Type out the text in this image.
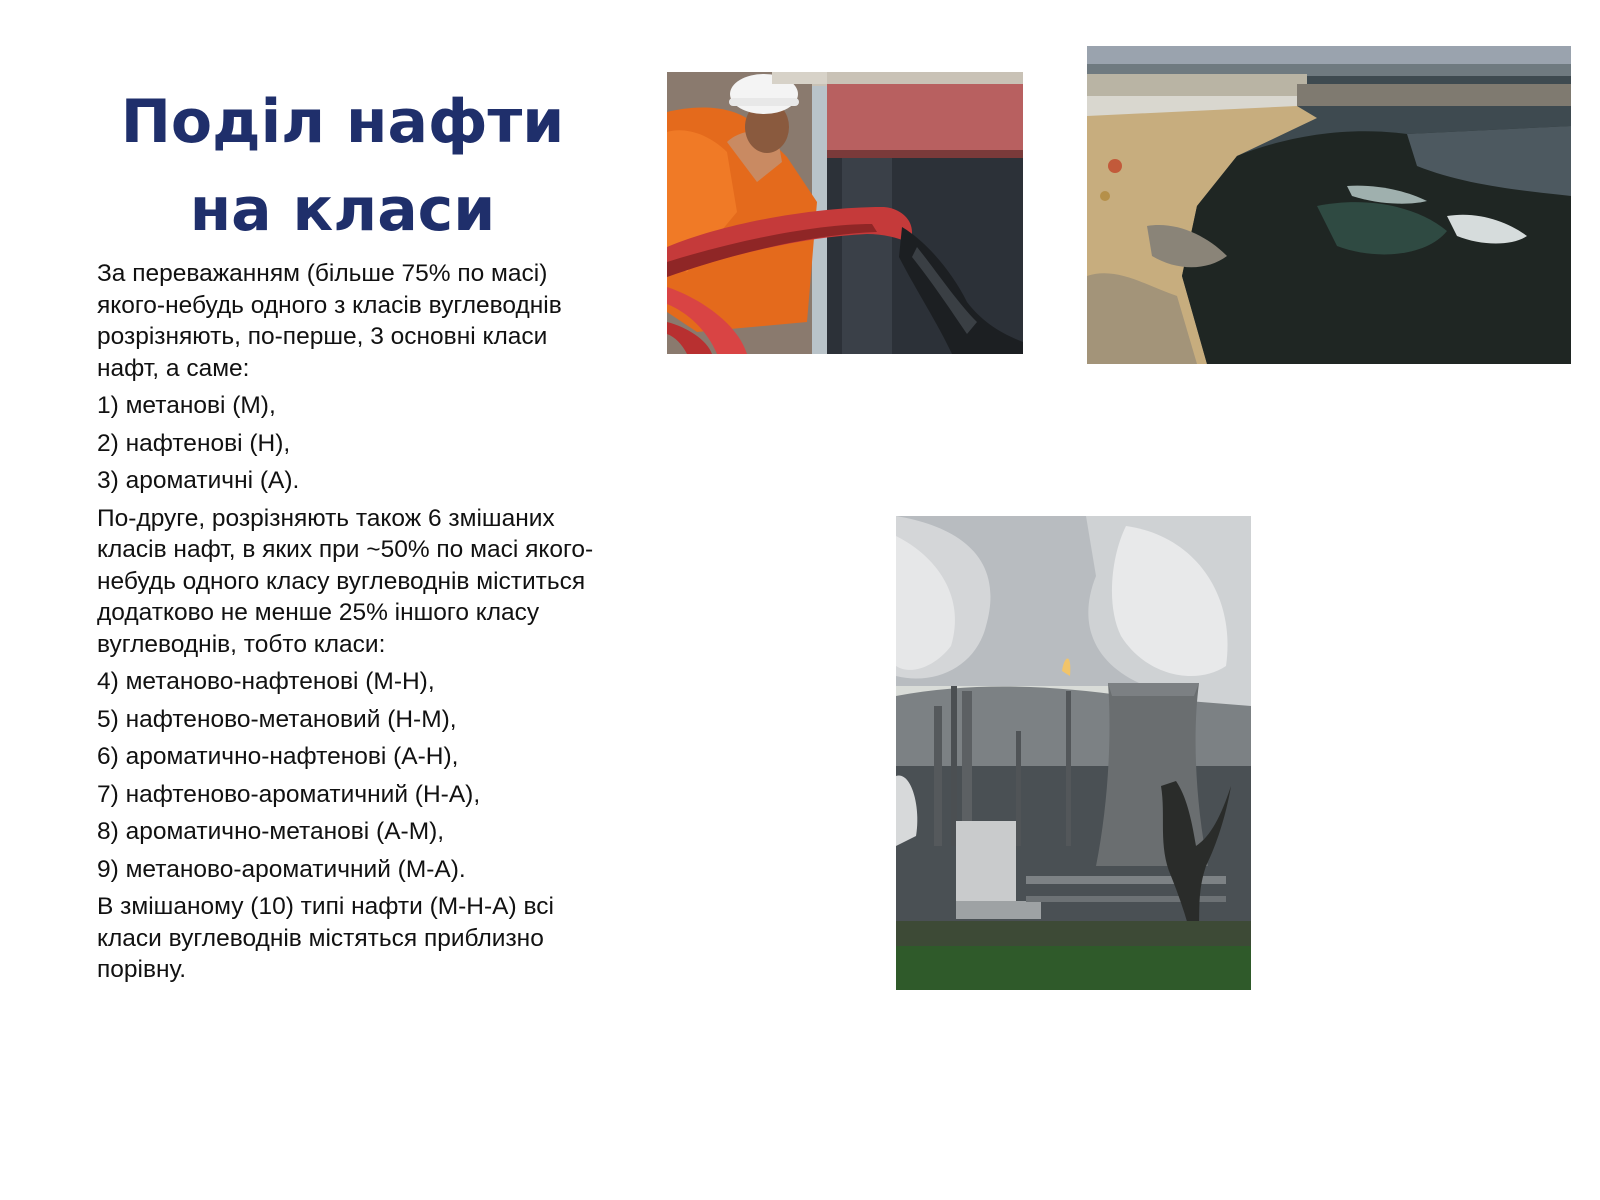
Поділ нафти на класи

За переважанням (більше 75% по масі) якого-небудь одного з класів вуглеводнів розрізняють, по-перше, 3 основні класи нафт, а саме:

1) метанові (М),

2) нафтенові (Н),

3) ароматичні (А).

По-друге, розрізняють також 6 змішаних класів нафт, в яких при ~50% по масі якого-небудь одного класу вуглеводнів міститься додатково не менше 25% іншого класу вуглеводнів, тобто класи:

4) метаново-нафтенові (М-Н),

5) нафтеново-метановий (Н-М),

6) ароматично-нафтенові (А-Н),

7) нафтеново-ароматичний (Н-А),

8) ароматично-метанові (А-М),

9) метаново-ароматичний (М-А).

В змішаному (10) типі нафти (М-Н-А) всі класи вуглеводнів містяться приблизно порівну.
